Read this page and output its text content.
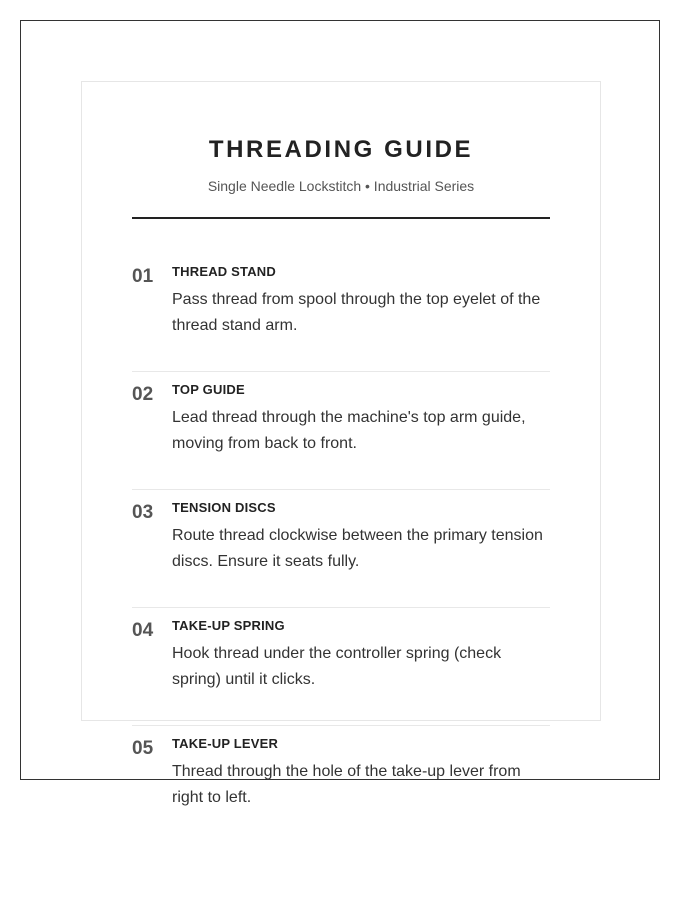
THREADING GUIDE
Single Needle Lockstitch • Industrial Series
01 THREAD STAND
Pass thread from spool through the top eyelet of the thread stand arm.
02 TOP GUIDE
Lead thread through the machine's top arm guide, moving from back to front.
03 TENSION DISCS
Route thread clockwise between the primary tension discs. Ensure it seats fully.
04 TAKE-UP SPRING
Hook thread under the controller spring (check spring) until it clicks.
05 TAKE-UP LEVER
Thread through the hole of the take-up lever from right to left.
